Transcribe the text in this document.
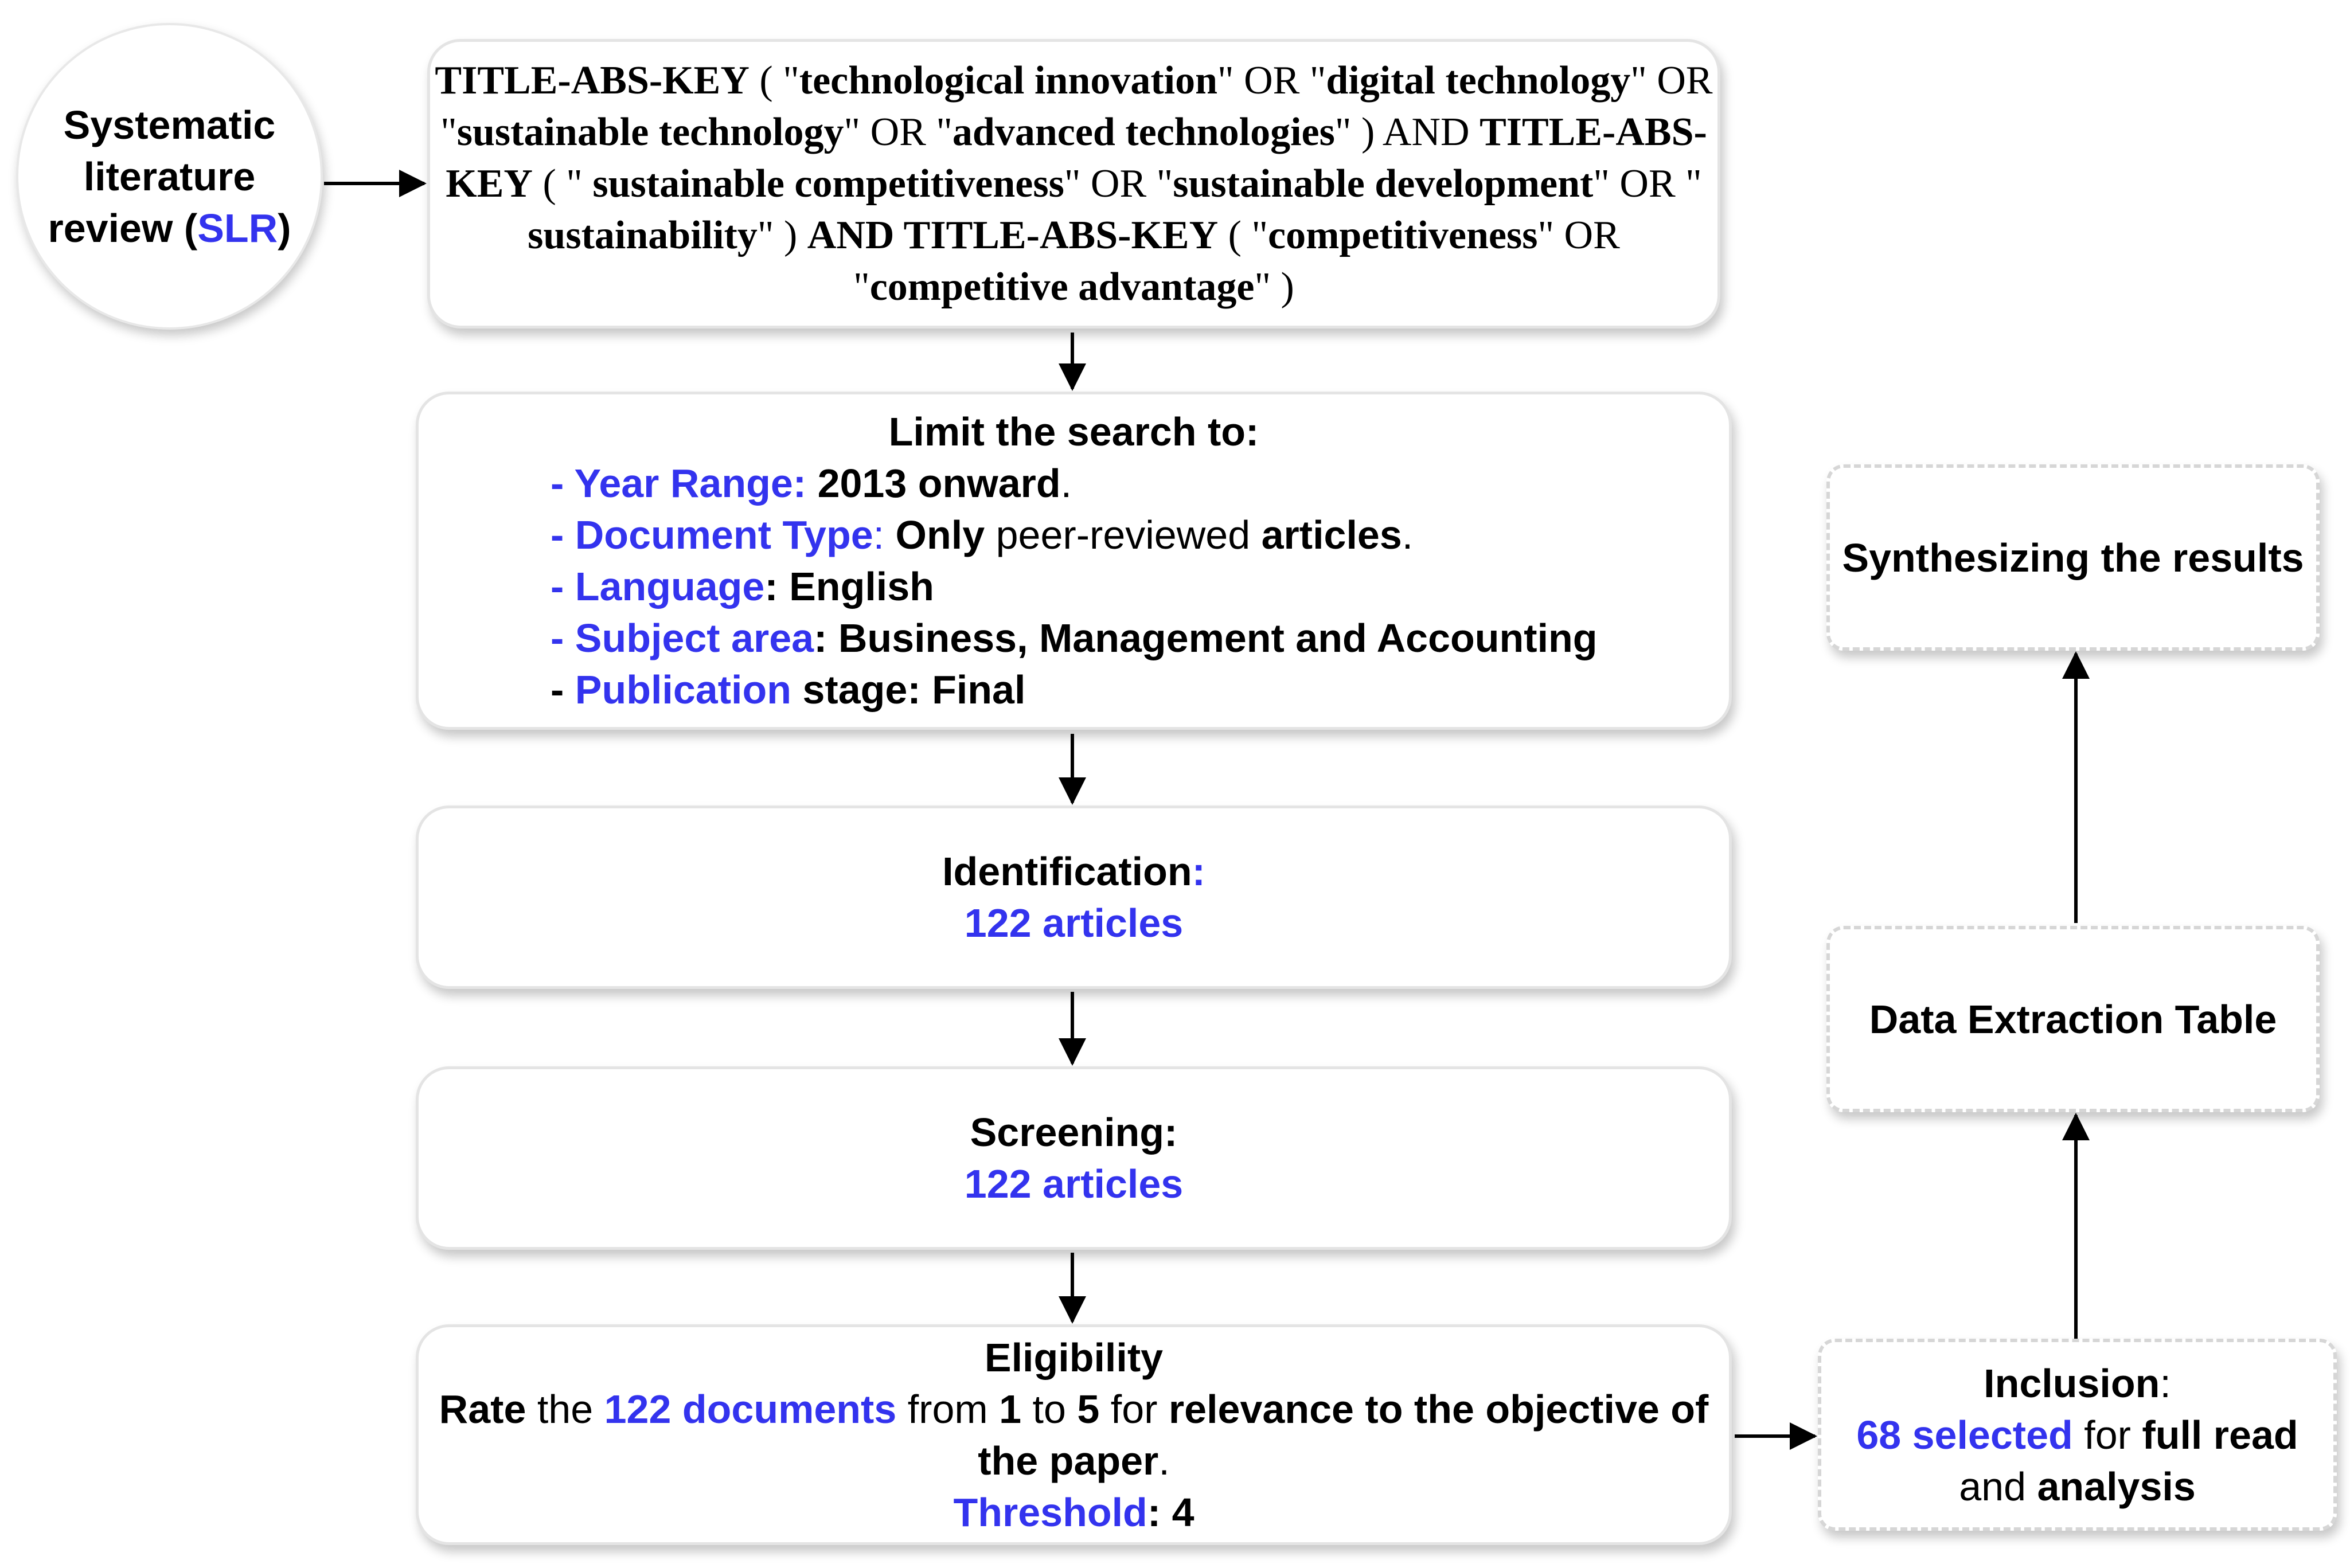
Systematic
literature
review (SLR)
TITLE-ABS-KEY ( "technological innovation" OR "digital technology" OR
"sustainable technology" OR "advanced technologies" ) AND TITLE-ABS-
KEY ( " sustainable competitiveness" OR "sustainable development" OR "
sustainability" ) AND TITLE-ABS-KEY ( "competitiveness" OR
"competitive advantage" )
Limit the search to:
- Year Range: 2013 onward.
- Document Type: Only peer-reviewed articles.
- Language: English
- Subject area: Business, Management and Accounting
- Publication stage: Final
Identification:
122 articles
Screening:
122 articles
Eligibility
Rate the 122 documents from 1 to 5 for relevance to the objective of
the paper.
Threshold: 4
Inclusion:
68 selected for full read
and analysis
Data Extraction Table
Synthesizing the results
